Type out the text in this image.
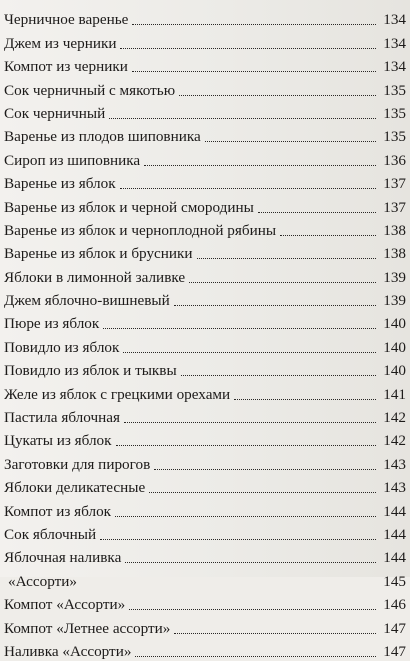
Черничное варенье	134
Джем из черники	134
Компот из черники	134
Сок черничный с мякотью	135
Сок черничный	135
Варенье из плодов шиповника	135
Сироп из шиповника	136
Варенье из яблок	137
Варенье из яблок и черной смородины	137
Варенье из яблок и черноплодной рябины	138
Варенье из яблок и брусники	138
Яблоки в лимонной заливке	139
Джем яблочно-вишневый	139
Пюре из яблок	140
Повидло из яблок	140
Повидло из яблок и тыквы	140
Желе из яблок с грецкими орехами	141
Пастила яблочная	142
Цукаты из яблок	142
Заготовки для пирогов	143
Яблоки деликатесные	143
Компот из яблок	144
Сок яблочный	144
Яблочная наливка	144
«Ассорти»	145
Компот «Ассорти»	146
Компот «Летнее ассорти»	147
Наливка «Ассорти»	147
